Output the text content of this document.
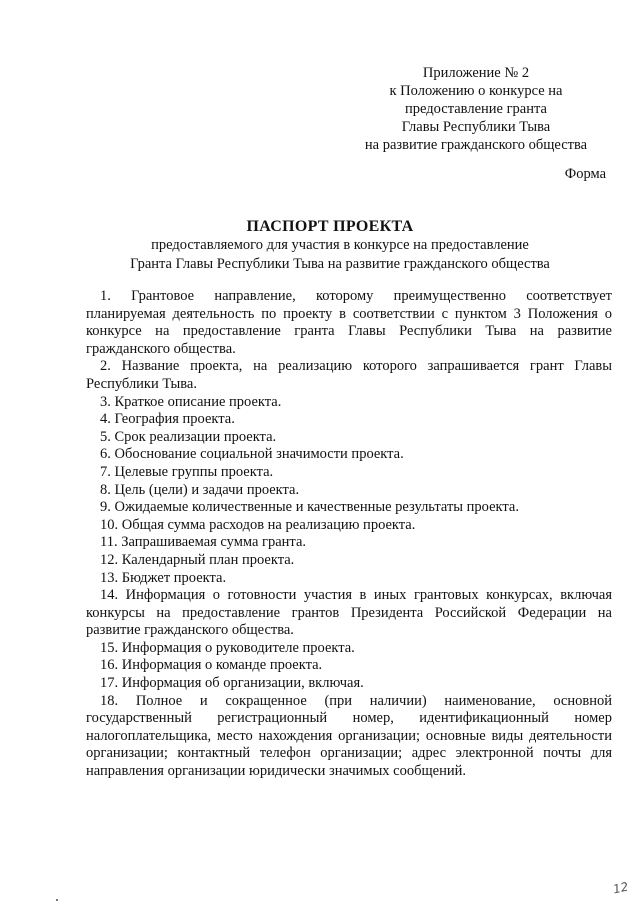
Приложение № 2
к Положению о конкурсе на
предоставление гранта
Главы Республики Тыва
на развитие гражданского общества
Форма
ПАСПОРТ ПРОЕКТА
предоставляемого для участия в конкурсе на предоставление
Гранта Главы Республики Тыва на развитие гражданского общества

1. Грантовое направление, которому преимущественно соответствует планируемая деятельность по проекту в соответствии с пунктом 3 Положения о конкурсе на предоставление гранта Главы Республики Тыва на развитие гражданского общества.

2. Название проекта, на реализацию которого запрашивается грант Главы Республики Тыва.

3. Краткое описание проекта.

4. География проекта.

5. Срок реализации проекта.

6. Обоснование социальной значимости проекта.

7. Целевые группы проекта.

8. Цель (цели) и задачи проекта.

9. Ожидаемые количественные и качественные результаты проекта.

10. Общая сумма расходов на реализацию проекта.

11. Запрашиваемая сумма гранта.

12. Календарный план проекта.

13. Бюджет проекта.

14. Информация о готовности участия в иных грантовых конкурсах, включая конкурсы на предоставление грантов Президента Российской Федерации на развитие гражданского общества.

15. Информация о руководителе проекта.

16. Информация о команде проекта.

17. Информация об организации, включая.

18. Полное и сокращенное (при наличии) наименование, основной государственный регистрационный номер, идентификационный номер налогоплательщика, место нахождения организации; основные виды деятельности организации; контактный телефон организации; адрес электронной почты для направления организации юридически значимых сообщений.

12
